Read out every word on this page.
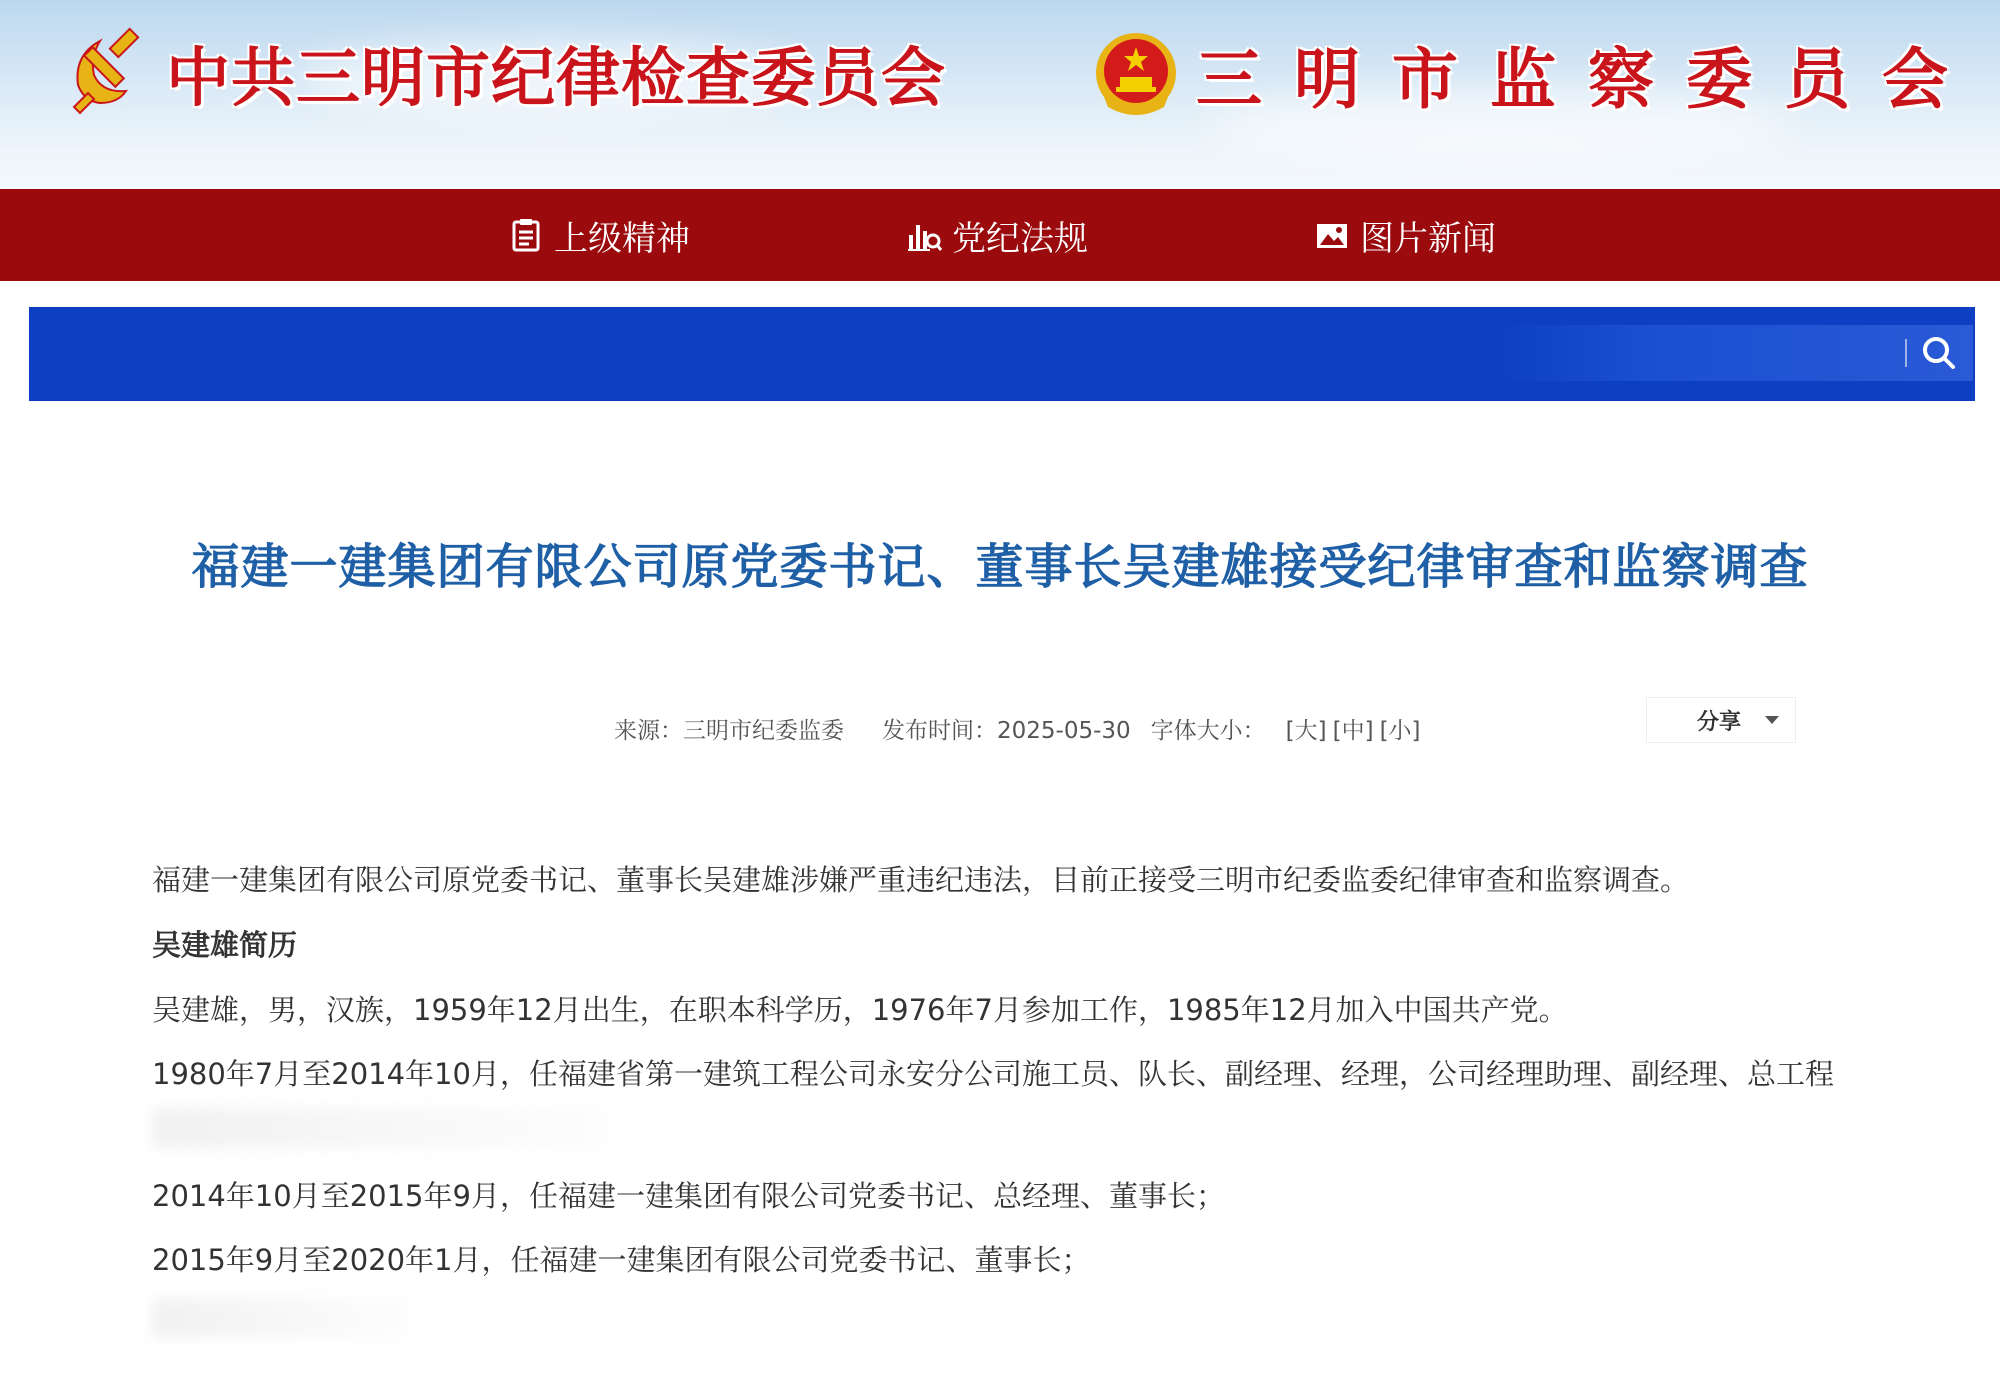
中共三明市纪律检查委员会	三明市监察委员会
上级精神	党纪法规	图片新闻
福建一建集团有限公司原党委书记、董事长吴建雄接受纪律审查和监察调查
来源：三明市纪委监委 发布时间：2025-05-30 字体大小： [大] [中] [小]	分享
福建一建集团有限公司原党委书记、董事长吴建雄涉嫌严重违纪违法，目前正接受三明市纪委监委纪律审查和监察调查。
吴建雄简历
吴建雄，男，汉族，1959年12月出生，在职本科学历，1976年7月参加工作，1985年12月加入中国共产党。
1980年7月至2014年10月，任福建省第一建筑工程公司永安分公司施工员、队长、副经理、经理，公司经理助理、副经理、总工程
2014年10月至2015年9月，任福建一建集团有限公司党委书记、总经理、董事长；
2015年9月至2020年1月，任福建一建集团有限公司党委书记、董事长；
